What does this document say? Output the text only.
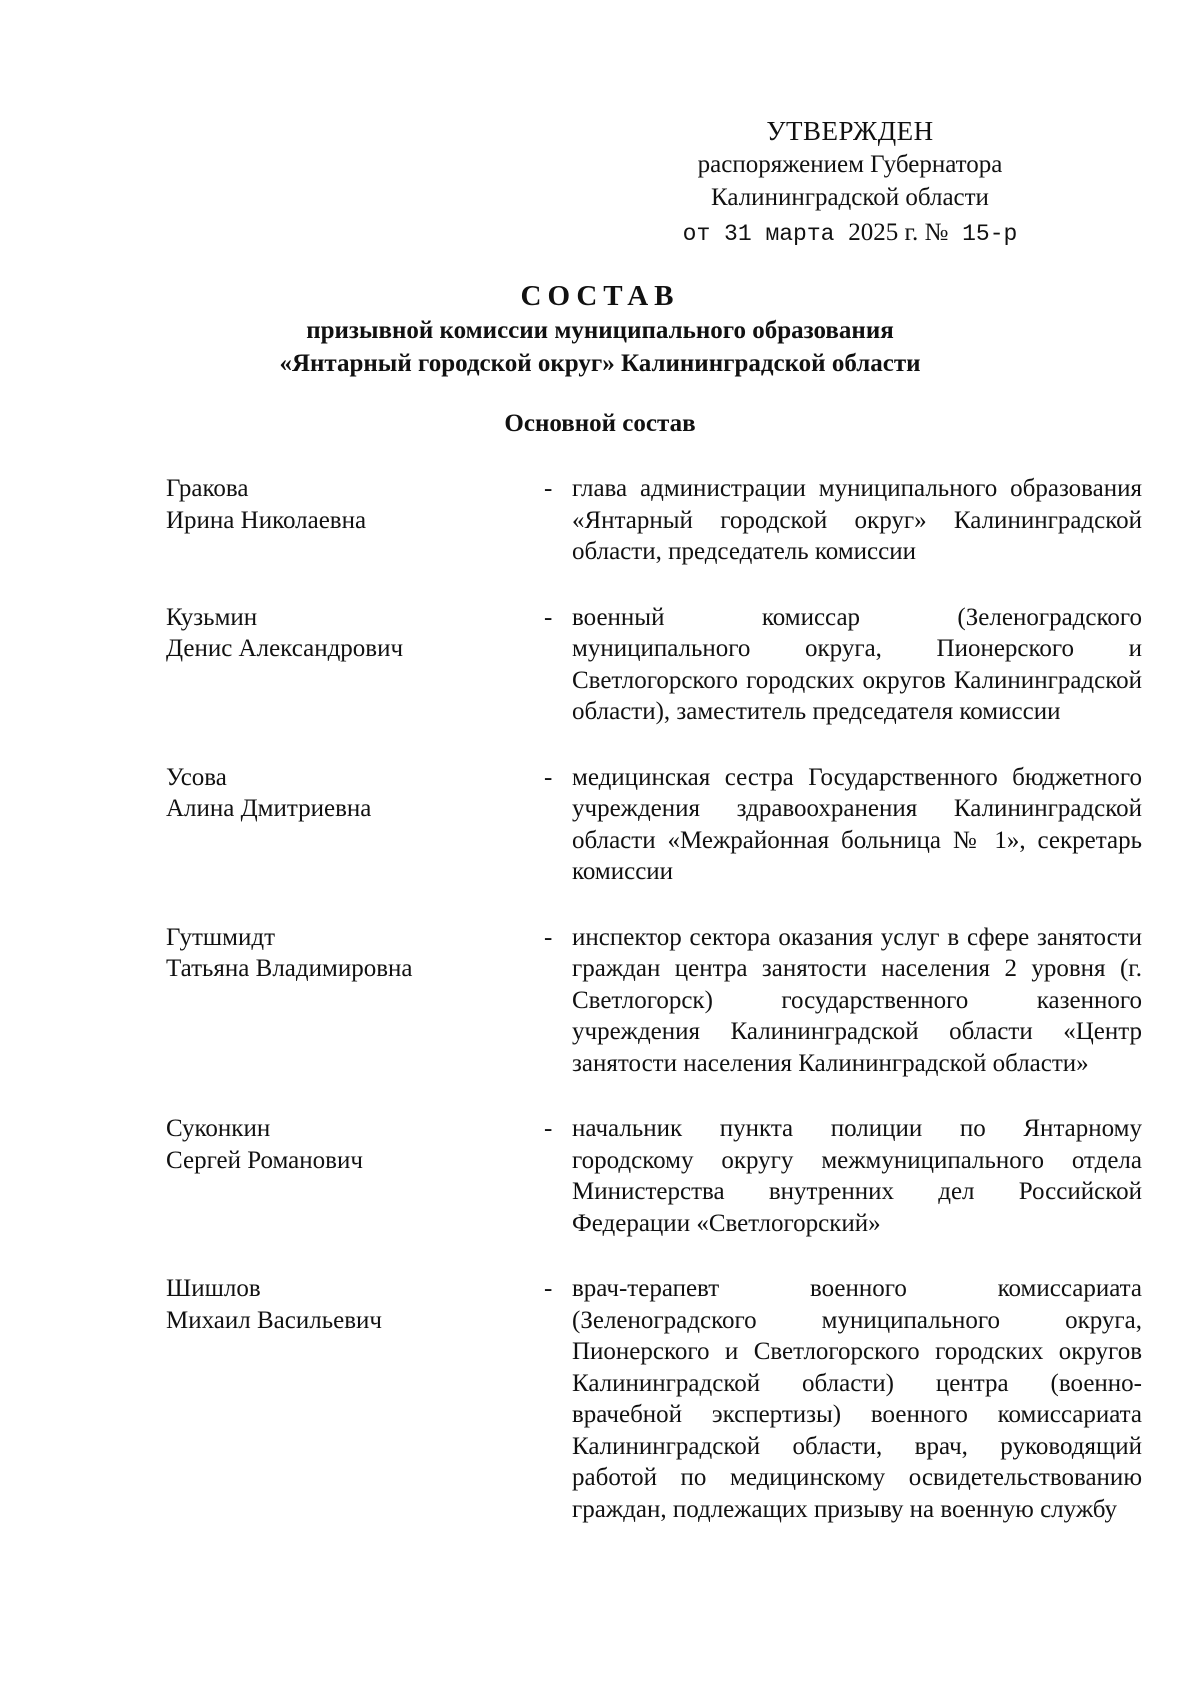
УТВЕРЖДЕН
распоряжением Губернатора
Калининградской области
от 31 марта 2025 г. № 15-р
СОСТАВ
призывной комиссии муниципального образования
«Янтарный городской округ» Калининградской области
Основной состав
Гракова
Ирина Николаевна
- глава администрации муниципального образования «Янтарный городской округ» Калининградской области, председатель комиссии
Кузьмин
Денис Александрович
- военный комиссар (Зеленоградского муниципального округа, Пионерского и Светлогорского городских округов Калининградской области), заместитель председателя комиссии
Усова
Алина Дмитриевна
- медицинская сестра Государственного бюджетного учреждения здравоохранения Калининградской области «Межрайонная больница № 1», секретарь комиссии
Гутшмидт
Татьяна Владимировна
- инспектор сектора оказания услуг в сфере занятости граждан центра занятости населения 2 уровня (г. Светлогорск) государственного казенного учреждения Калининградской области «Центр занятости населения Калининградской области»
Суконкин
Сергей Романович
- начальник пункта полиции по Янтарному городскому округу межмуниципального отдела Министерства внутренних дел Российской Федерации «Светлогорский»
Шишлов
Михаил Васильевич
- врач-терапевт военного комиссариата (Зеленоградского муниципального округа, Пионерского и Светлогорского городских округов Калининградской области) центра (военно-врачебной экспертизы) военного комиссариата Калининградской области, врач, руководящий работой по медицинскому освидетельствованию граждан, подлежащих призыву на военную службу
